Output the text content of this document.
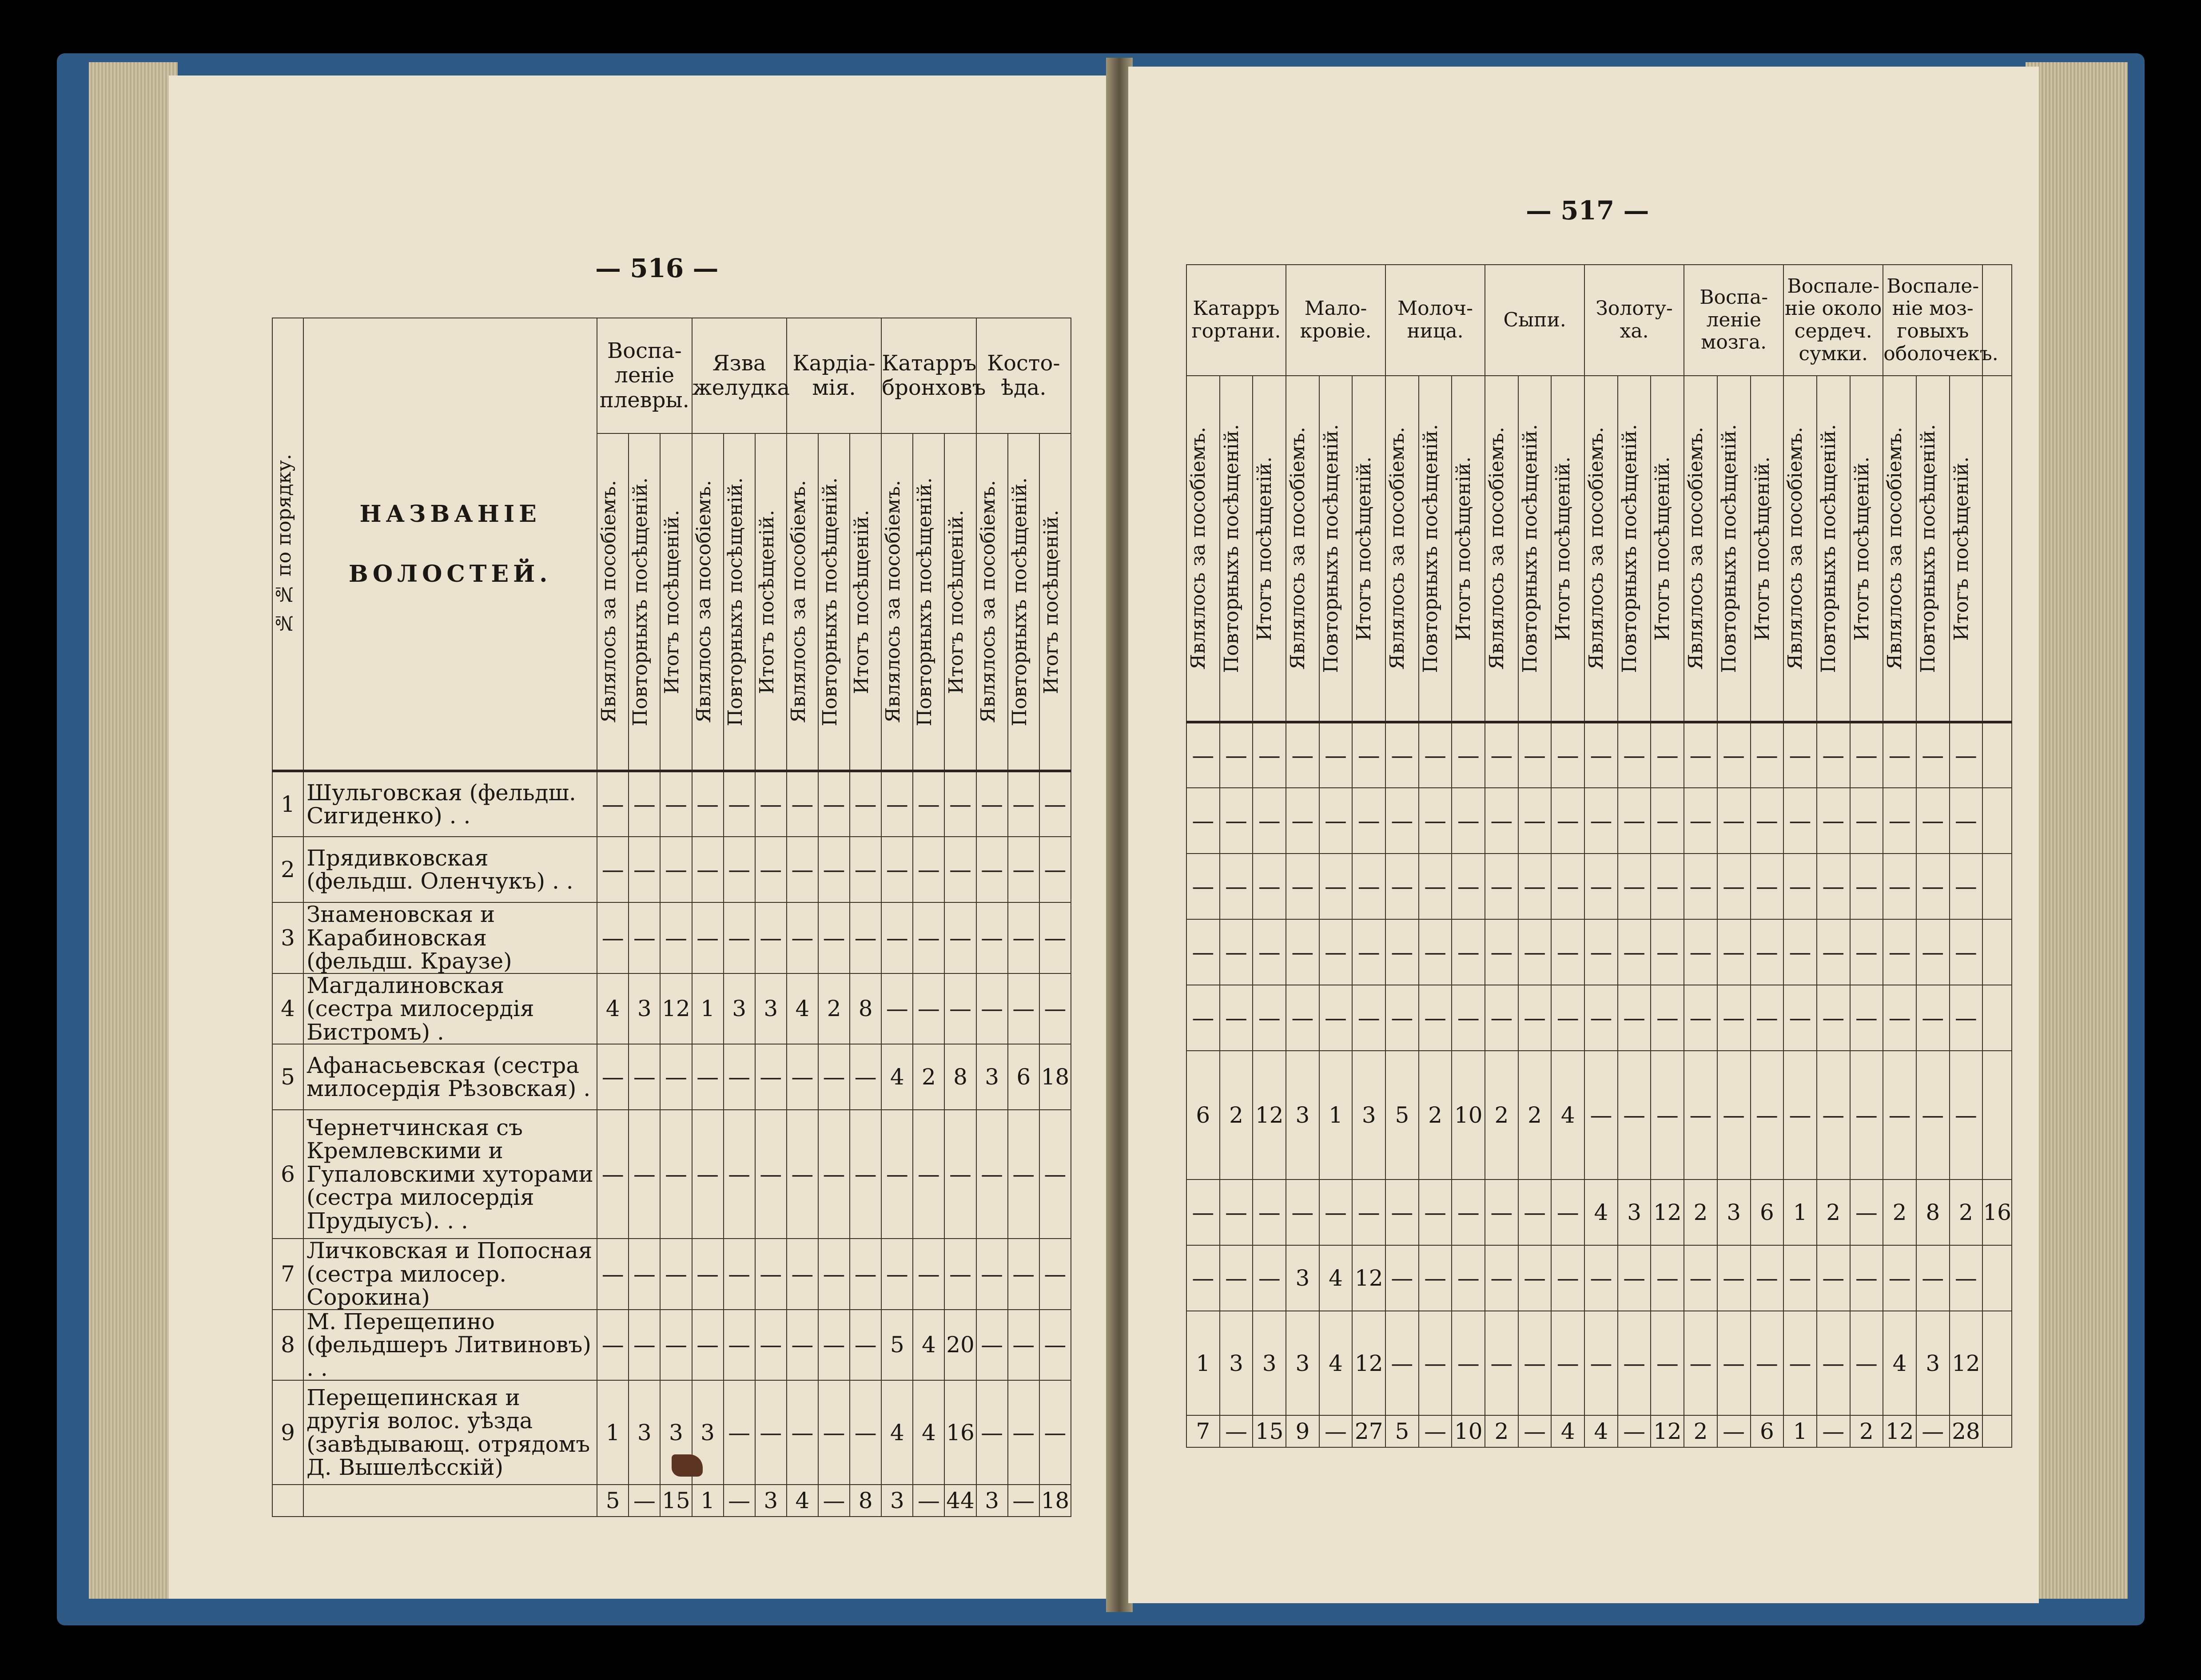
— 516 —
№ № по порядку.	НАЗВАНІЕ
ВОЛОСТЕЙ.	Воспа-леніе плевры.			Язва желудка			Кардіа-мія.			Катарръ бронховъ			Косто-ѣда.		

		Являлось за пособіемъ.	Повторныхъ посѣщеній.	Итогъ посѣщеній.	Являлось за пособіемъ.	Повторныхъ посѣщеній.	Итогъ посѣщеній.	Являлось за пособіемъ.	Повторныхъ посѣщеній.	Итогъ посѣщеній.	Являлось за пособіемъ.	Повторныхъ посѣщеній.	Итогъ посѣщеній.	Являлось за пособіемъ.	Повторныхъ посѣщеній.	Итогъ посѣщеній.

1	Шульговская (фельдш. Сигиденко) . .	—	—	—	—	—	—	—	—	—	—	—	—	—	—	—
2	Прядивковская (фельдш. Оленчукъ) . .	—	—	—	—	—	—	—	—	—	—	—	—	—	—	—
3	Знаменовская и Карабиновская (фельдш. Краузе)	—	—	—	—	—	—	—	—	—	—	—	—	—	—	—
4	Магдалиновская (сестра милосердія Бистромъ) .	4	3	12	1	3	3	4	2	8	—	—	—	—	—	—
5	Афанасьевская (сестра милосердія Рѣзовская) .	—	—	—	—	—	—	—	—	—	4	2	8	3	6	18
6	Чернетчинская съ Кремлевскими и Гупаловскими хуторами (сестра милосердія Прудыусъ). . .	—	—	—	—	—	—	—	—	—	—	—	—	—	—	—
7	Личковская и Попосная (сестра милосер. Сорокина)	—	—	—	—	—	—	—	—	—	—	—	—	—	—	—
8	М. Перещепино (фельдшеръ Литвиновъ) . .	—	—	—	—	—	—	—	—	—	5	4	20	—	—	—
9	Перещепинская и другія волос. уѣзда (завѣдывающ. отрядомъ Д. Вышелѣсскій)	1	3	3	3	—	—	—	—	—	4	4	16	—	—	—
		5	—	15	1	—	3	4	—	8	3	—	44	3	—	18
— 517 —
Катарръ гортани.			Мало-кровіе.			Молоч-ница.			Сыпи.			Золоту-ха.			Воспа-леніе мозга.			Воспале-ніе около сердеч. сумки.			Воспале-ніе моз-говыхъ оболочекъ.			

Являлось за пособіемъ.	Повторныхъ посѣщеній.	Итогъ посѣщеній.	Являлось за пособіемъ.	Повторныхъ посѣщеній.	Итогъ посѣщеній.	Являлось за пособіемъ.	Повторныхъ посѣщеній.	Итогъ посѣщеній.	Являлось за пособіемъ.	Повторныхъ посѣщеній.	Итогъ посѣщеній.	Являлось за пособіемъ.	Повторныхъ посѣщеній.	Итогъ посѣщеній.	Являлось за пособіемъ.	Повторныхъ посѣщеній.	Итогъ посѣщеній.	Являлось за пособіемъ.	Повторныхъ посѣщеній.	Итогъ посѣщеній.	Являлось за пособіемъ.	Повторныхъ посѣщеній.	Итогъ посѣщеній.	

—	—	—	—	—	—	—	—	—	—	—	—	—	—	—	—	—	—	—	—	—	—	—	—	
—	—	—	—	—	—	—	—	—	—	—	—	—	—	—	—	—	—	—	—	—	—	—	—	
—	—	—	—	—	—	—	—	—	—	—	—	—	—	—	—	—	—	—	—	—	—	—	—	
—	—	—	—	—	—	—	—	—	—	—	—	—	—	—	—	—	—	—	—	—	—	—	—	
—	—	—	—	—	—	—	—	—	—	—	—	—	—	—	—	—	—	—	—	—	—	—	—	
6	2	12	3	1	3	5	2	10	2	2	4	—	—	—	—	—	—	—	—	—	—	—	—	
—	—	—	—	—	—	—	—	—	—	—	—	4	3	12	2	3	6	1	2	—	2	8	2	16
—	—	—	3	4	12	—	—	—	—	—	—	—	—	—	—	—	—	—	—	—	—	—	—	
1	3	3	3	4	12	—	—	—	—	—	—	—	—	—	—	—	—	—	—	—	4	3	12	
7	—	15	9	—	27	5	—	10	2	—	4	4	—	12	2	—	6	1	—	2	12	—	28	
